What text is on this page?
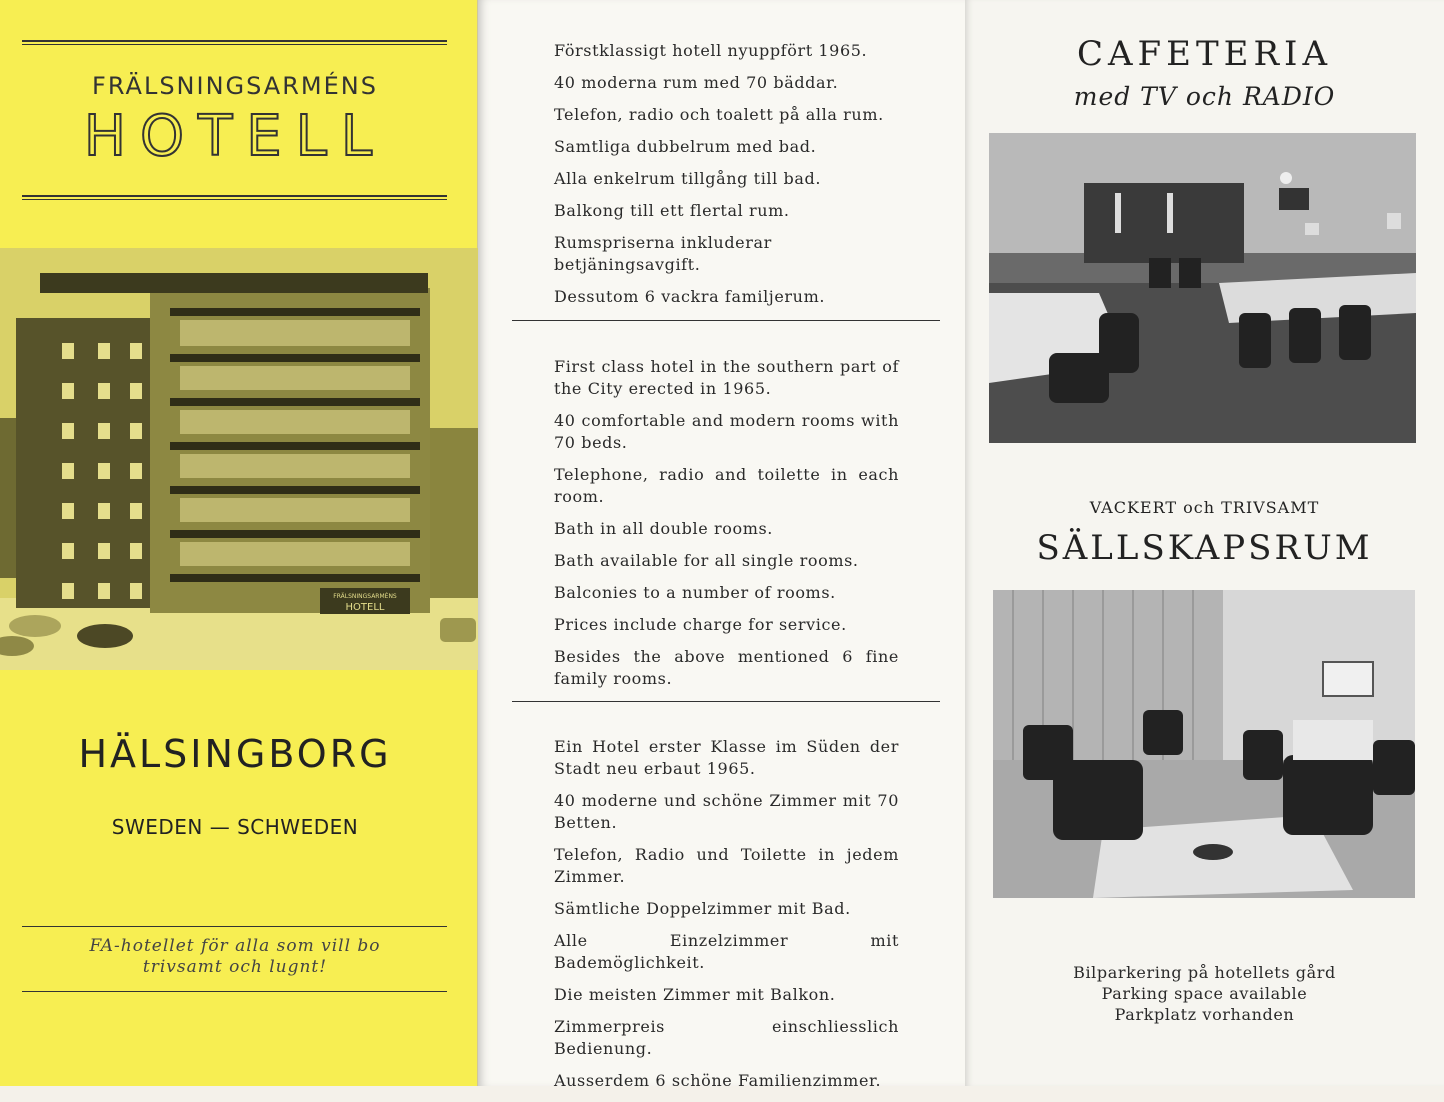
FRÄLSNINGSARMÉNS
HOTELL
FRÄLSNINGSARMÉNS
HOTELL
HÄLSINGBORG
SWEDEN — SCHWEDEN
FA-hotellet för alla som vill bo
trivsamt och lugnt!
Förstklassigt hotell nyuppfört 1965.
40 moderna rum med 70 bäddar.
Telefon, radio och toalett på alla rum.
Samtliga dubbelrum med bad.
Alla enkelrum tillgång till bad.
Balkong till ett flertal rum.
Rumspriserna inkluderar betjäningsavgift.
Dessutom 6 vackra familjerum.
First class hotel in the southern part of the City erected in 1965.
40 comfortable and modern rooms with 70 beds.
Telephone, radio and toilette in each room.
Bath in all double rooms.
Bath available for all single rooms.
Balconies to a number of rooms.
Prices include charge for service.
Besides the above mentioned 6 fine family rooms.
Ein Hotel erster Klasse im Süden der Stadt neu erbaut 1965.
40 moderne und schöne Zimmer mit 70 Betten.
Telefon, Radio und Toilette in jedem Zimmer.
Sämtliche Doppelzimmer mit Bad.
Alle Einzelzimmer mit Bademöglichkeit.
Die meisten Zimmer mit Balkon.
Zimmerpreis einschliesslich Bedienung.
Ausserdem 6 schöne Familienzimmer.
CAFETERIA
med TV och RADIO
VACKERT och TRIVSAMT
SÄLLSKAPSRUM
Bilparkering på hotellets gård
Parking space available
Parkplatz vorhanden
